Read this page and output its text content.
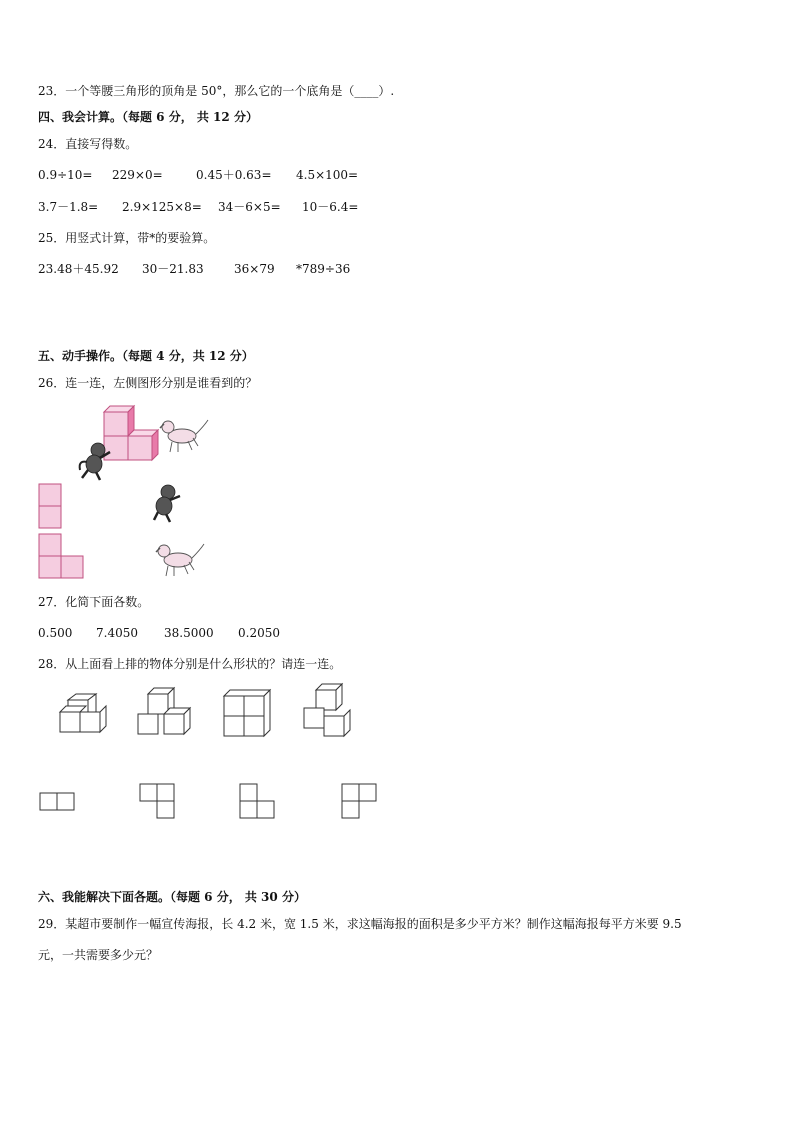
23．一个等腰三角形的顶角是 50°，那么它的一个底角是（____）.
四、我会计算。（每题 6 分， 共 12 分）
24．直接写得数。
0.9÷10= 229×0=	0.45＋0.63= 4.5×100=
3.7－1.8= 2.9×125×8= 34－6×5= 10－6.4=
25．用竖式计算，带*的要验算。
23.48＋45.92 30－21.83	36×79 *789÷36
五、动手操作。（每题 4 分，共 12 分）
26．连一连，左侧图形分别是谁看到的？
27．化简下面各数。
0.500 7.4050 38.5000 0.2050
28．从上面看上排的物体分别是什么形状的？请连一连。
六、我能解决下面各题。（每题 6 分， 共 30 分）
29．某超市要制作一幅宣传海报，长 4.2 米，宽 1.5 米，求这幅海报的面积是多少平方米？制作这幅海报每平方米要 9.5
元，一共需要多少元？
